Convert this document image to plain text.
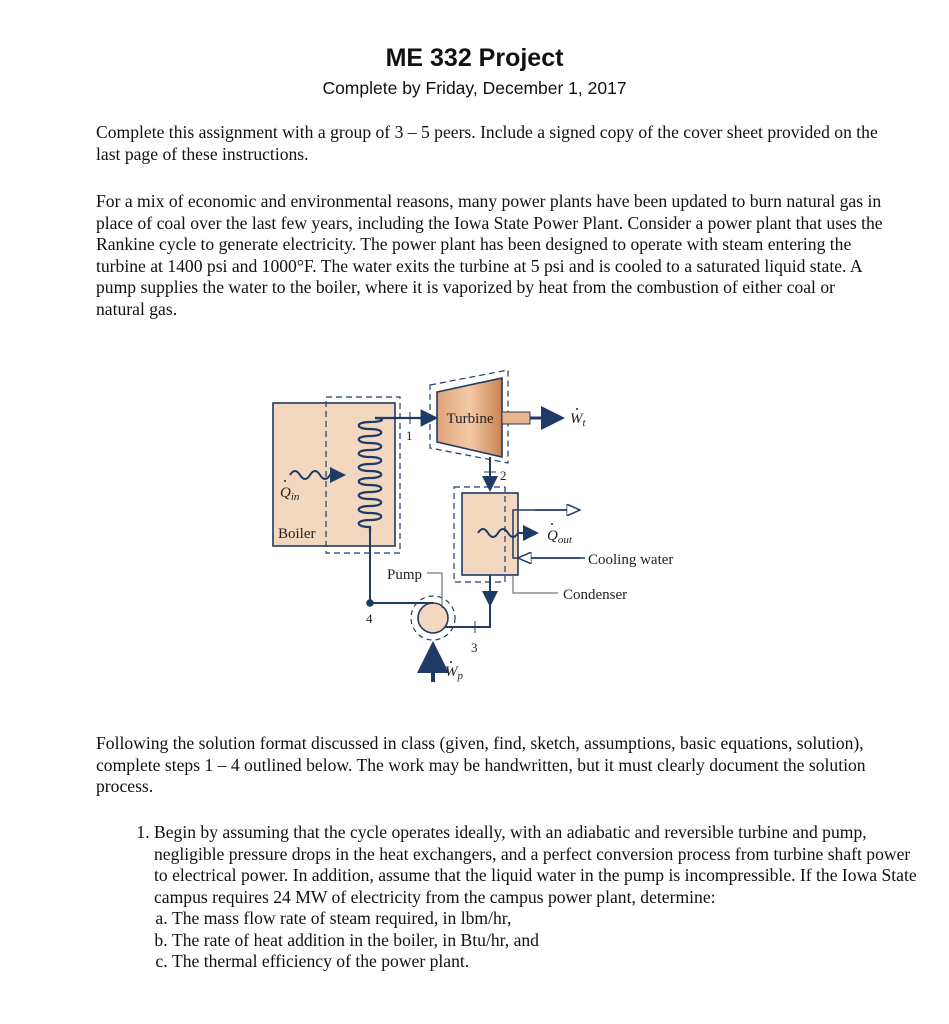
ME 332 Project
Complete by Friday, December 1, 2017
Complete this assignment with a group of 3 – 5 peers. Include a signed copy of the cover sheet provided on the last page of these instructions.
For a mix of economic and environmental reasons, many power plants have been updated to burn natural gas in place of coal over the last few years, including the Iowa State Power Plant. Consider a power plant that uses the Rankine cycle to generate electricity. The power plant has been designed to operate with steam entering the turbine at 1400 psi and 1000°F. The water exits the turbine at 5 psi and is cooled to a saturated liquid state. A pump supplies the water to the boiler, where it is vaporized by heat from the combustion of either coal or natural gas.
Turbine
Boiler
Pump
Condenser
Cooling water
1
2
3
4
$Q_{in}$
$Q_{out}$
$W_t$
$W_p$
Following the solution format discussed in class (given, find, sketch, assumptions, basic equations, solution), complete steps 1 – 4 outlined below. The work may be handwritten, but it must clearly document the solution process.
1. Begin by assuming that the cycle operates ideally, with an adiabatic and reversible turbine and pump, negligible pressure drops in the heat exchangers, and a perfect conversion process from turbine shaft power to electrical power. In addition, assume that the liquid water in the pump is incompressible. If the Iowa State campus requires 24 MW of electricity from the campus power plant, determine:
a. The mass flow rate of steam required, in lbm/hr,
b. The rate of heat addition in the boiler, in Btu/hr, and
c. The thermal efficiency of the power plant.
